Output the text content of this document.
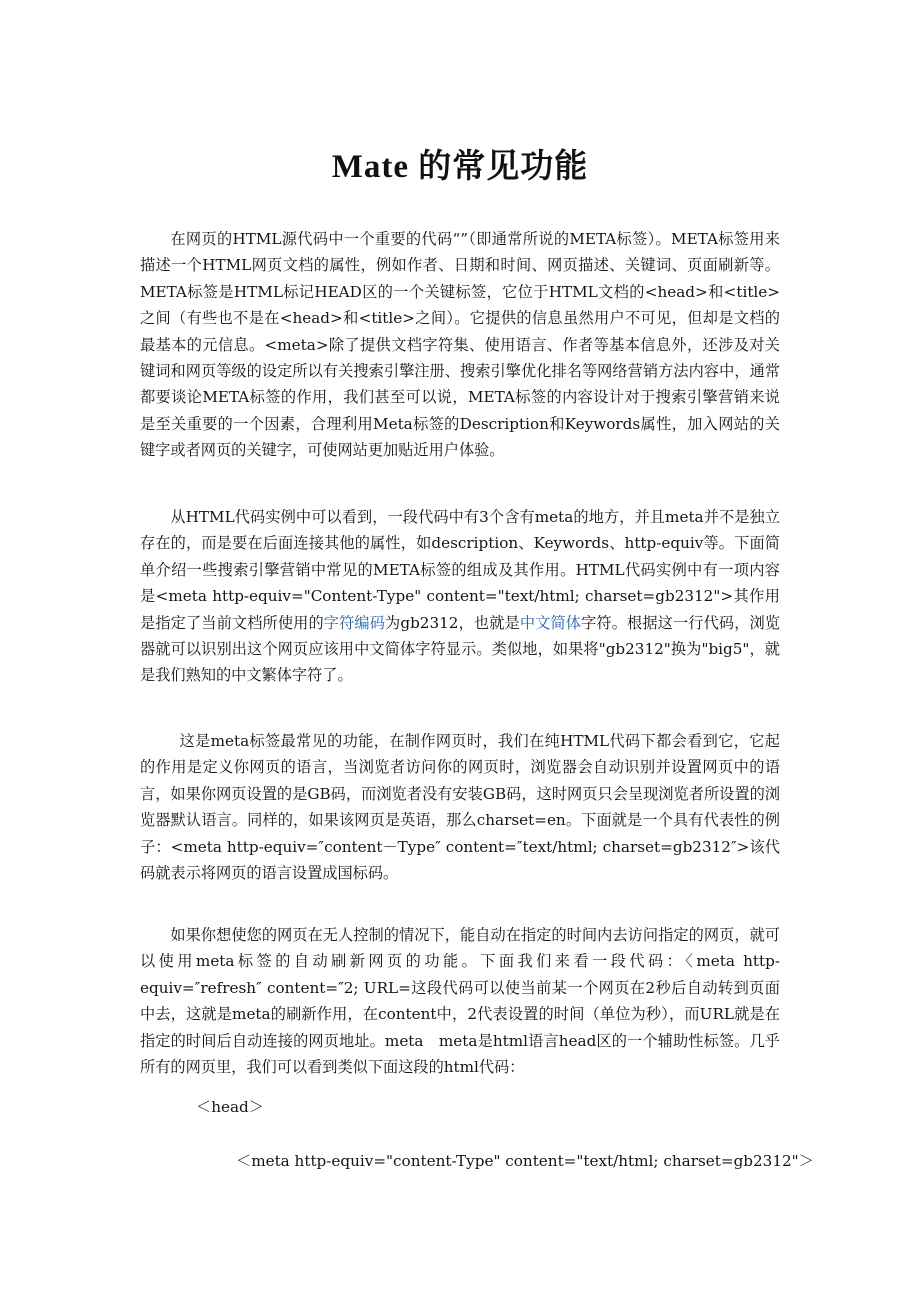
Mate 的常见功能

在网页的HTML源代码中一个重要的代码“”（即通常所说的META标签）。META标签用来描述一个HTML网页文档的属性，例如作者、日期和时间、网页描述、关键词、页面刷新等。META标签是HTML标记HEAD区的一个关键标签，它位于HTML文档的<head>和<title>之间（有些也不是在<head>和<title>之间）。它提供的信息虽然用户不可见，但却是文档的最基本的元信息。<meta>除了提供文档字符集、使用语言、作者等基本信息外，还涉及对关键词和网页等级的设定所以有关搜索引擎注册、搜索引擎优化排名等网络营销方法内容中，通常都要谈论META标签的作用，我们甚至可以说，META标签的内容设计对于搜索引擎营销来说是至关重要的一个因素，合理利用Meta标签的Description和Keywords属性，加入网站的关键字或者网页的关键字，可使网站更加贴近用户体验。

从HTML代码实例中可以看到，一段代码中有3个含有meta的地方，并且meta并不是独立存在的，而是要在后面连接其他的属性，如description、Keywords、http-equiv等。下面简单介绍一些搜索引擎营销中常见的META标签的组成及其作用。HTML代码实例中有一项内容是<meta http-equiv="Content-Type" content="text/html; charset=gb2312">其作用是指定了当前文档所使用的字符编码为gb2312，也就是中文简体字符。根据这一行代码，浏览器就可以识别出这个网页应该用中文简体字符显示。类似地，如果将"gb2312"换为"big5"，就是我们熟知的中文繁体字符了。

这是meta标签最常见的功能，在制作网页时，我们在纯HTML代码下都会看到它，它起的作用是定义你网页的语言，当浏览者访问你的网页时，浏览器会自动识别并设置网页中的语言，如果你网页设置的是GB码，而浏览者没有安装GB码，这时网页只会呈现浏览者所设置的浏览器默认语言。同样的，如果该网页是英语，那么charset=en。下面就是一个具有代表性的例子：<meta http-equiv=″content－Type″ content=″text/html; charset=gb2312″>该代码就表示将网页的语言设置成国标码。

如果你想使您的网页在无人控制的情况下，能自动在指定的时间内去访问指定的网页，就可以使用meta标签的自动刷新网页的功能。下面我们来看一段代码：〈meta http-equiv=″refresh″ content=″2; URL=这段代码可以使当前某一个网页在2秒后自动转到页面中去，这就是meta的刷新作用，在content中，2代表设置的时间（单位为秒），而URL就是在指定的时间后自动连接的网页地址。meta　meta是html语言head区的一个辅助性标签。几乎所有的网页里，我们可以看到类似下面这段的html代码：

＜head＞
＜meta http-equiv="content-Type" content="text/html; charset=gb2312"＞
